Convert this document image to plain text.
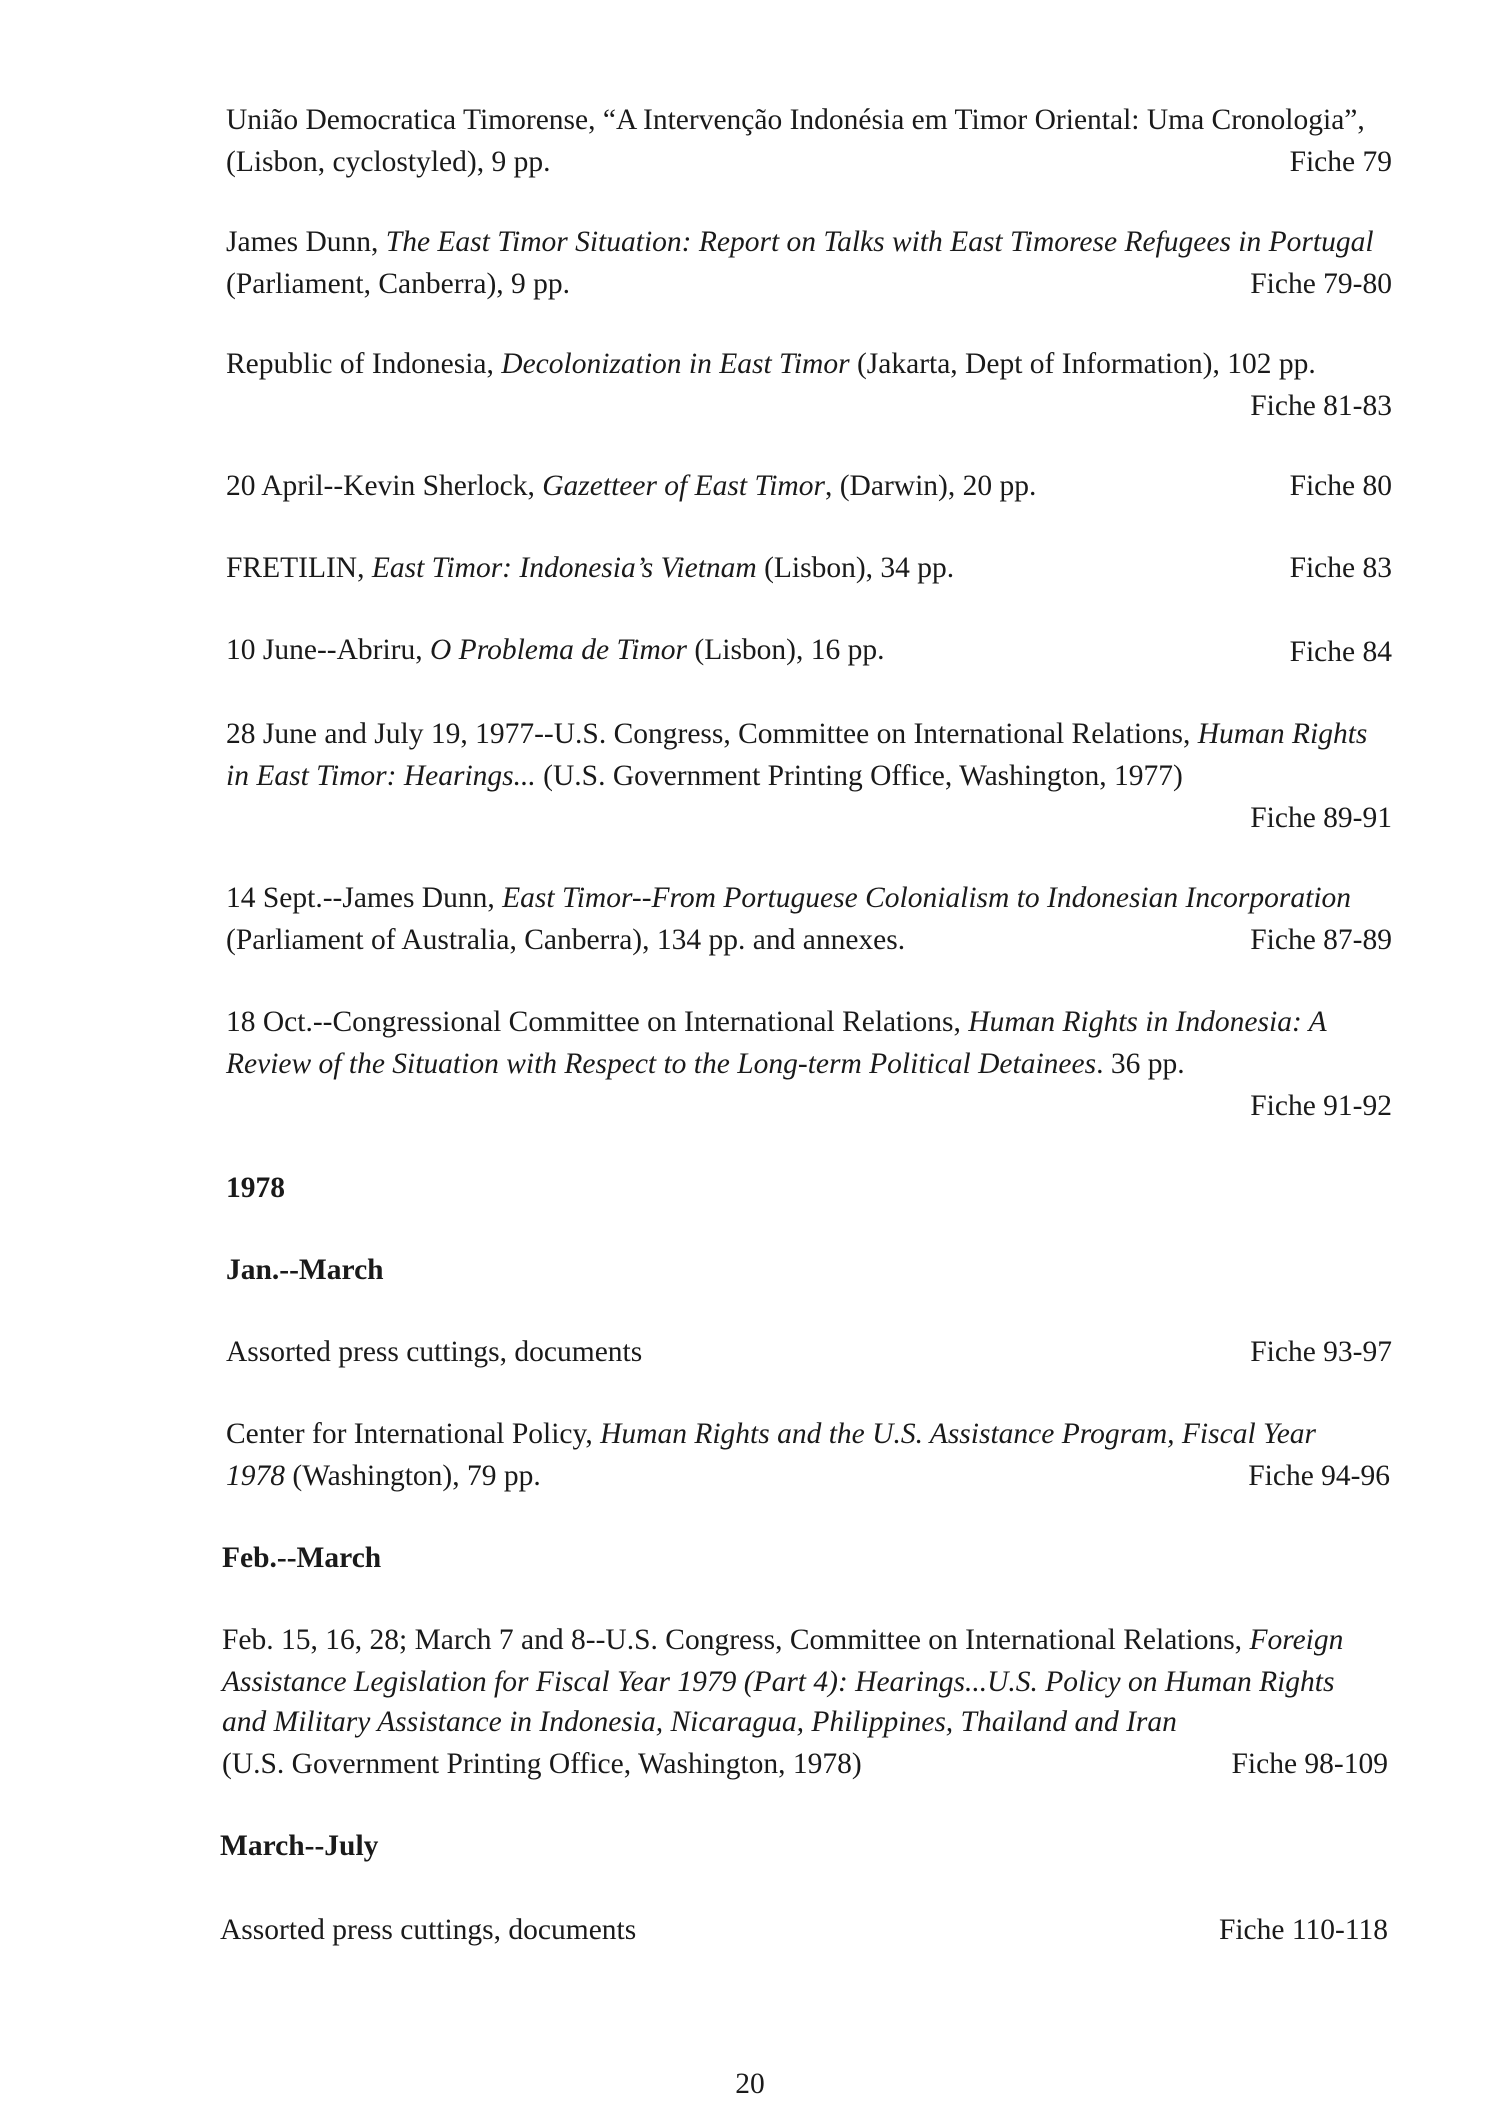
União Democratica Timorense, “A Intervenção Indonésia em Timor Oriental: Uma Cronologia”,
(Lisbon, cyclostyled), 9 pp.	Fiche 79
James Dunn, The East Timor Situation: Report on Talks with East Timorese Refugees in Portugal
(Parliament, Canberra), 9 pp.	Fiche 79-80
Republic of Indonesia, Decolonization in East Timor (Jakarta, Dept of Information), 102 pp.
Fiche 81-83
20 April--Kevin Sherlock, Gazetteer of East Timor, (Darwin), 20 pp.	Fiche 80
FRETILIN, East Timor: Indonesia’s Vietnam (Lisbon), 34 pp.	Fiche 83
10 June--Abriru, O Problema de Timor (Lisbon), 16 pp.	Fiche 84
28 June and July 19, 1977--U.S. Congress, Committee on International Relations, Human Rights
in East Timor: Hearings... (U.S. Government Printing Office, Washington, 1977)
Fiche 89-91
14 Sept.--James Dunn, East Timor--From Portuguese Colonialism to Indonesian Incorporation
(Parliament of Australia, Canberra), 134 pp. and annexes.	Fiche 87-89
18 Oct.--Congressional Committee on International Relations, Human Rights in Indonesia: A
Review of the Situation with Respect to the Long-term Political Detainees. 36 pp.
Fiche 91-92
1978
Jan.--March
Assorted press cuttings, documents	Fiche 93-97
Center for International Policy, Human Rights and the U.S. Assistance Program, Fiscal Year
1978 (Washington), 79 pp.	Fiche 94-96
Feb.--March
Feb. 15, 16, 28; March 7 and 8--U.S. Congress, Committee on International Relations, Foreign
Assistance Legislation for Fiscal Year 1979 (Part 4): Hearings...U.S. Policy on Human Rights
and Military Assistance in Indonesia, Nicaragua, Philippines, Thailand and Iran
(U.S. Government Printing Office, Washington, 1978)	Fiche 98-109
March--July
Assorted press cuttings, documents	Fiche 110-118
20
